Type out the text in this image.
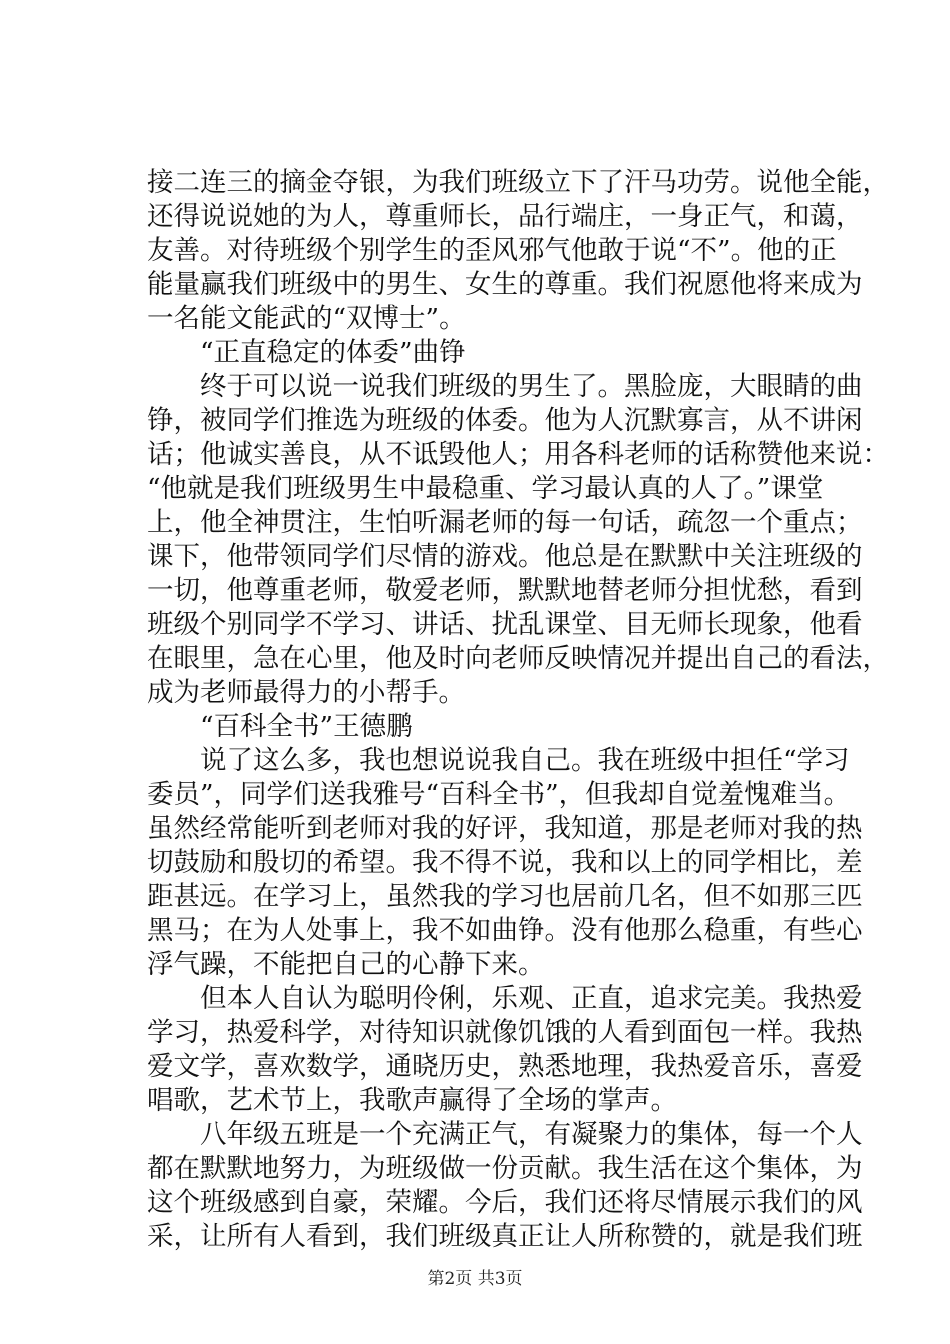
接二连三的摘金夺银，为我们班级立下了汗马功劳。说他全能，
还得说说她的为人，尊重师长，品行端庄，一身正气，和蔼，
友善。对待班级个别学生的歪风邪气他敢于说“不”。他的正
能量赢我们班级中的男生、女生的尊重。我们祝愿他将来成为
一名能文能武的“双博士”。
“正直稳定的体委”曲铮
终于可以说一说我们班级的男生了。黑脸庞，大眼睛的曲
铮，被同学们推选为班级的体委。他为人沉默寡言，从不讲闲
话；他诚实善良，从不诋毁他人；用各科老师的话称赞他来说：
“他就是我们班级男生中最稳重、学习最认真的人了。”课堂
上，他全神贯注，生怕听漏老师的每一句话，疏忽一个重点；
课下，他带领同学们尽情的游戏。他总是在默默中关注班级的
一切，他尊重老师，敬爱老师，默默地替老师分担忧愁，看到
班级个别同学不学习、讲话、扰乱课堂、目无师长现象，他看
在眼里，急在心里，他及时向老师反映情况并提出自己的看法，
成为老师最得力的小帮手。
“百科全书”王德鹏
说了这么多，我也想说说我自己。我在班级中担任“学习
委员”，同学们送我雅号“百科全书”，但我却自觉羞愧难当。
虽然经常能听到老师对我的好评，我知道，那是老师对我的热
切鼓励和殷切的希望。我不得不说，我和以上的同学相比，差
距甚远。在学习上，虽然我的学习也居前几名，但不如那三匹
黑马；在为人处事上，我不如曲铮。没有他那么稳重，有些心
浮气躁，不能把自己的心静下来。
但本人自认为聪明伶俐，乐观、正直，追求完美。我热爱
学习，热爱科学，对待知识就像饥饿的人看到面包一样。我热
爱文学，喜欢数学，通晓历史，熟悉地理，我热爱音乐，喜爱
唱歌，艺术节上，我歌声赢得了全场的掌声。
八年级五班是一个充满正气，有凝聚力的集体，每一个人
都在默默地努力，为班级做一份贡献。我生活在这个集体，为
这个班级感到自豪，荣耀。今后，我们还将尽情展示我们的风
采，让所有人看到，我们班级真正让人所称赞的，就是我们班
第2页 共3页
